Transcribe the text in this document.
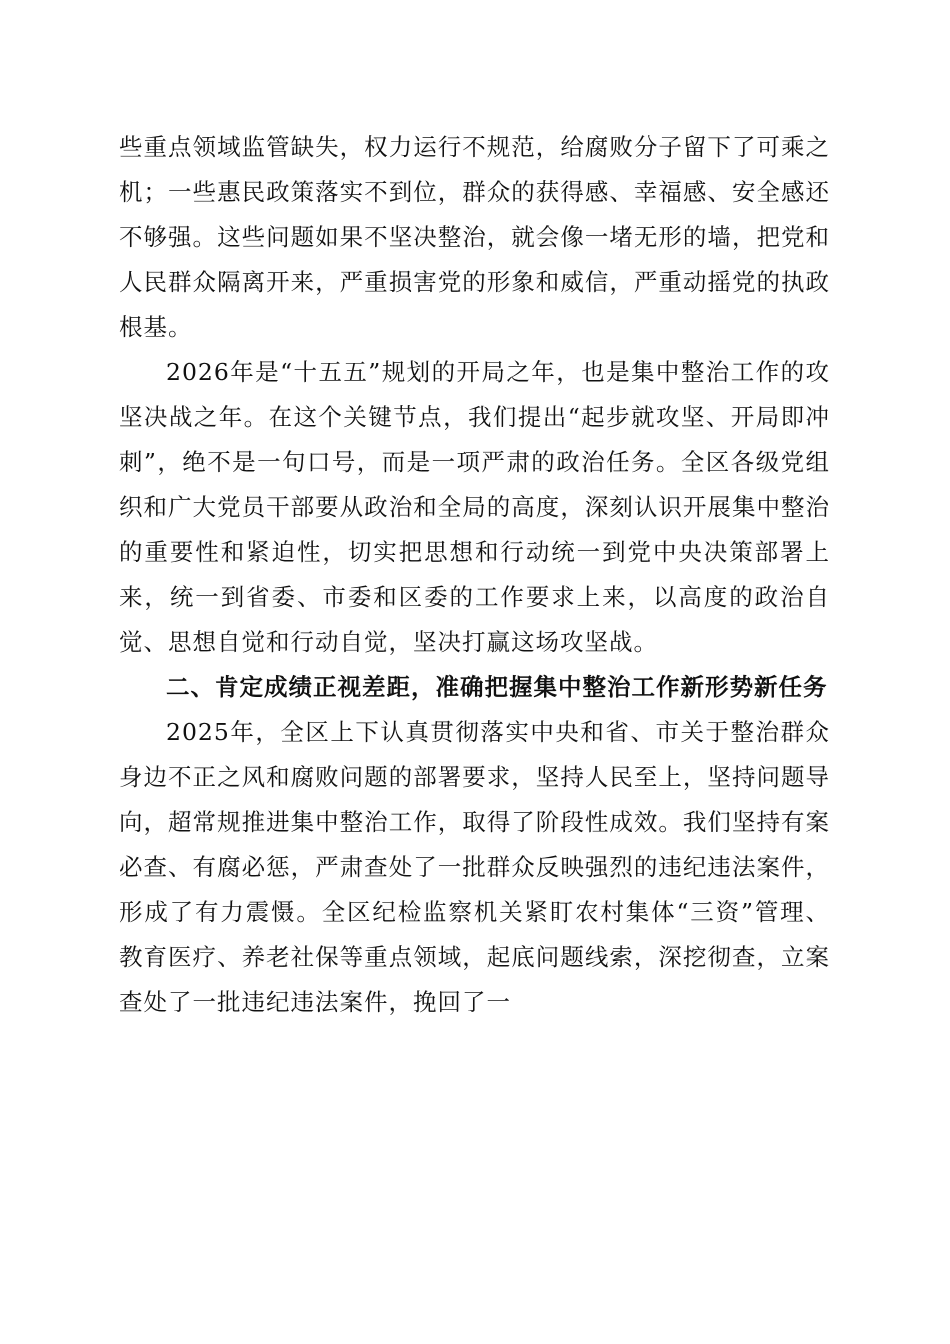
些重点领域监管缺失，权力运行不规范，给腐败分子留下了可乘之机；一些惠民政策落实不到位，群众的获得感、幸福感、安全感还不够强。这些问题如果不坚决整治，就会像一堵无形的墙，把党和人民群众隔离开来，严重损害党的形象和威信，严重动摇党的执政根基。

2026年是“十五五”规划的开局之年，也是集中整治工作的攻坚决战之年。在这个关键节点，我们提出“起步就攻坚、开局即冲刺”，绝不是一句口号，而是一项严肃的政治任务。全区各级党组织和广大党员干部要从政治和全局的高度，深刻认识开展集中整治的重要性和紧迫性，切实把思想和行动统一到党中央决策部署上来，统一到省委、市委和区委的工作要求上来，以高度的政治自觉、思想自觉和行动自觉，坚决打赢这场攻坚战。

二、肯定成绩正视差距，准确把握集中整治工作新形势新任务

2025年，全区上下认真贯彻落实中央和省、市关于整治群众身边不正之风和腐败问题的部署要求，坚持人民至上，坚持问题导向，超常规推进集中整治工作，取得了阶段性成效。我们坚持有案必查、有腐必惩，严肃查处了一批群众反映强烈的违纪违法案件，形成了有力震慑。全区纪检监察机关紧盯农村集体“三资”管理、教育医疗、养老社保等重点领域，起底问题线索，深挖彻查，立案查处了一批违纪违法案件，挽回了一
